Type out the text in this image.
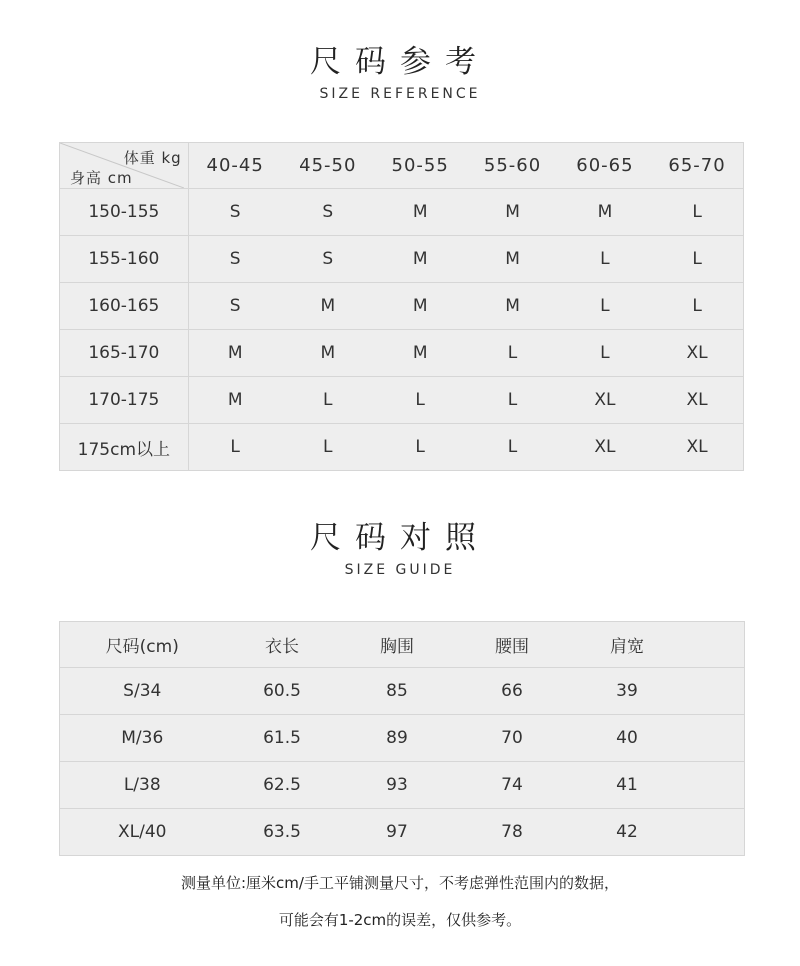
尺码参考
SIZE REFERENCE
体重 kg
身高 cm	40-45	45-50	50-55	55-60	60-65	65-70
150-155	S	S	M	M	M	L
155-160	S	S	M	M	L	L
160-165	S	M	M	M	L	L
165-170	M	M	M	L	L	XL
170-175	M	L	L	L	XL	XL
175cm以上	L	L	L	L	XL	XL
尺码对照
SIZE GUIDE
尺码(cm)	衣长	胸围	腰围	肩宽	
S/34	60.5	85	66	39	
M/36	61.5	89	70	40	
L/38	62.5	93	74	41	
XL/40	63.5	97	78	42	
测量单位:厘米cm/手工平铺测量尺寸，不考虑弹性范围内的数据，
可能会有1-2cm的误差，仅供参考。
